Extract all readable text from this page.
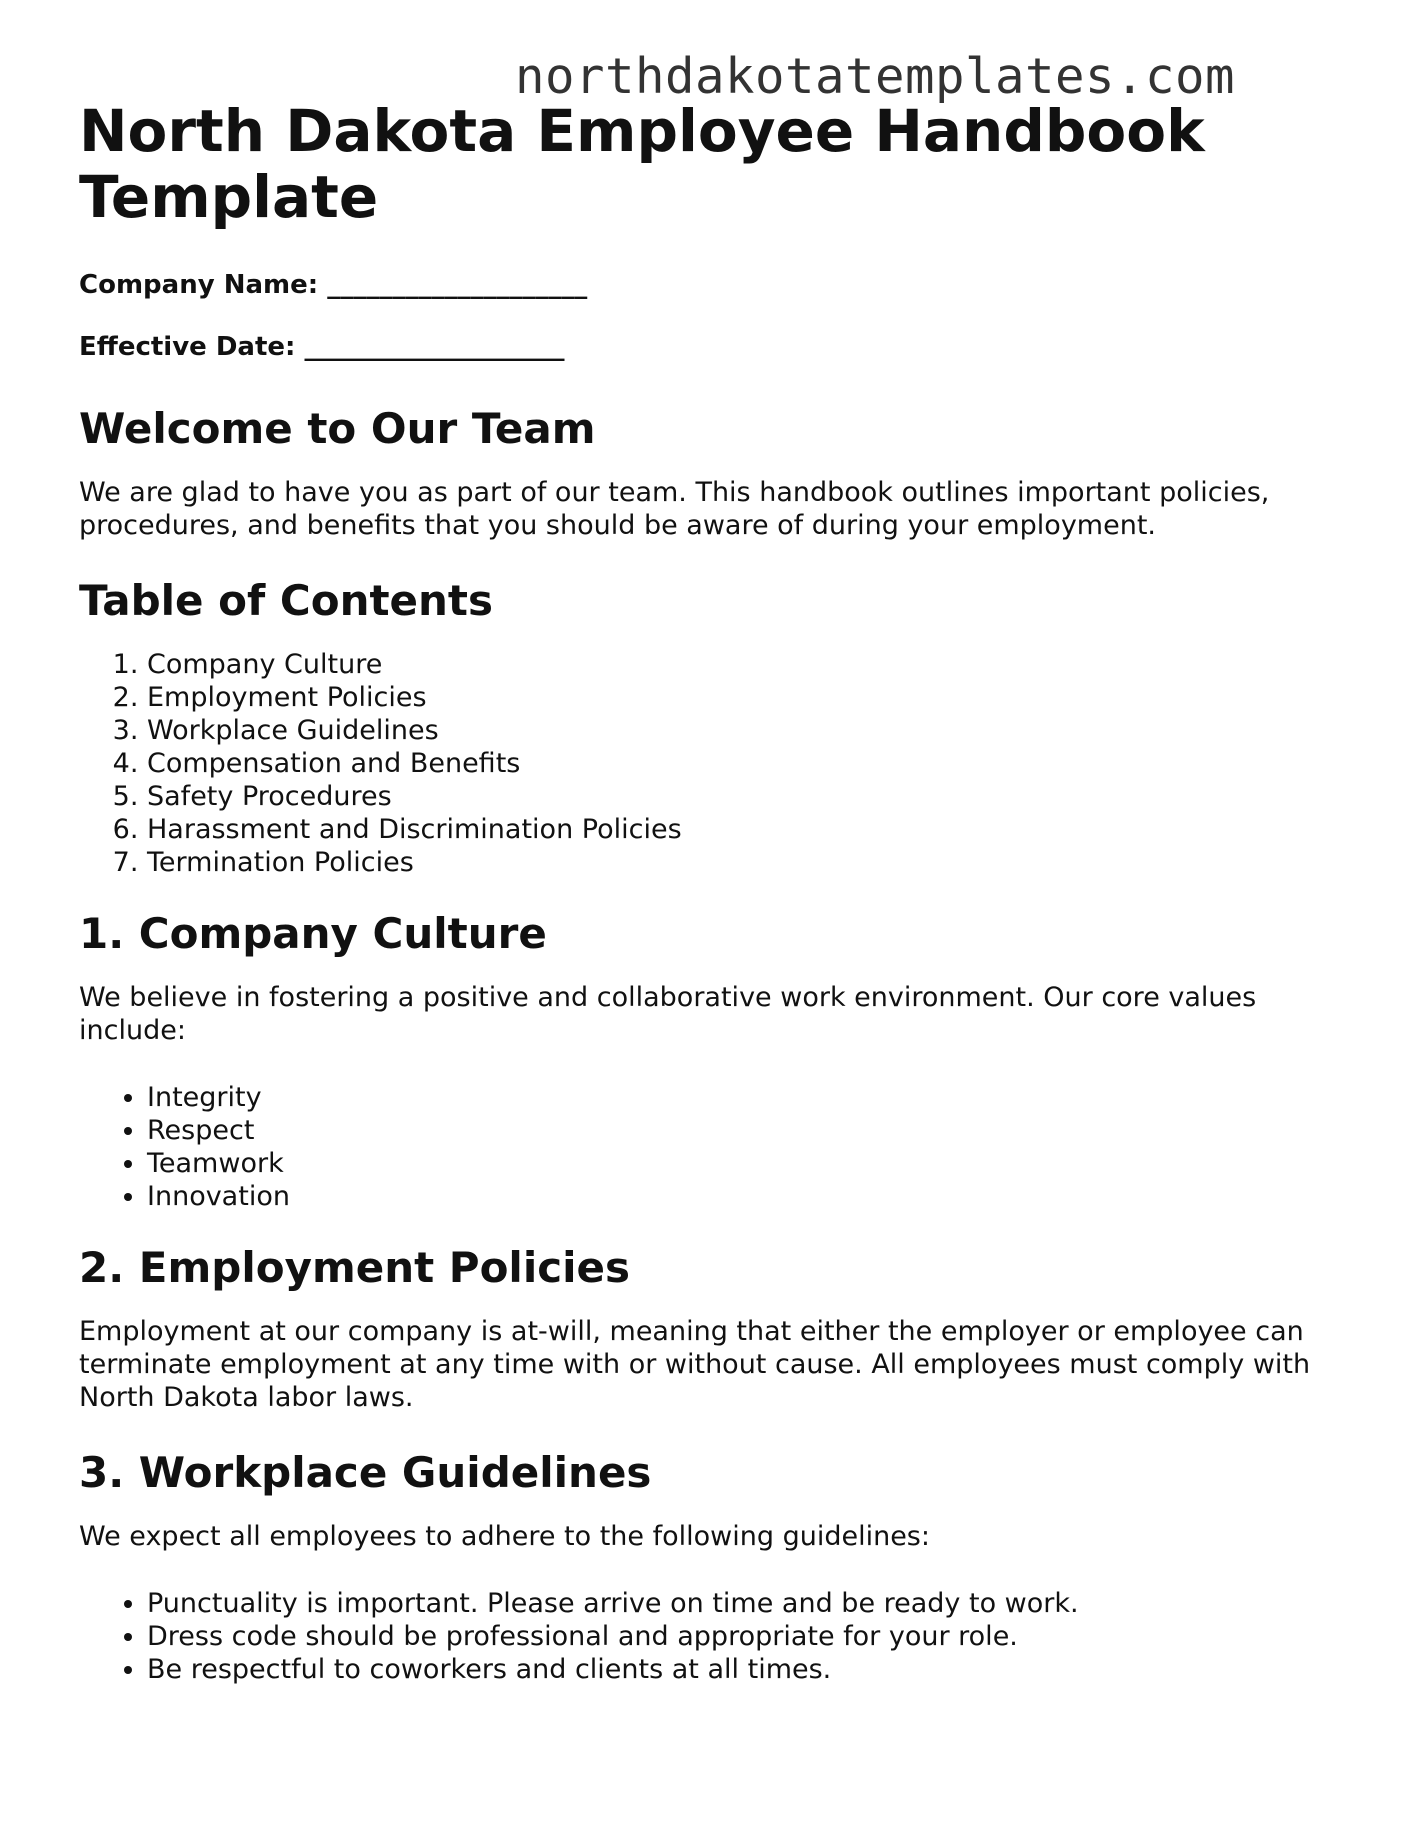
northdakotatemplates.com
North Dakota Employee Handbook Template
Company Name: ____________________
Effective Date: ____________________
Welcome to Our Team

We are glad to have you as part of our team. This handbook outlines important policies, procedures, and benefits that you should be aware of during your employment.

Table of Contents
1. Company Culture
2. Employment Policies
3. Workplace Guidelines
4. Compensation and Benefits
5. Safety Procedures
6. Harassment and Discrimination Policies
7. Termination Policies
1. Company Culture

We believe in fostering a positive and collaborative work environment. Our core values include:

• Integrity
• Respect
• Teamwork
• Innovation
2. Employment Policies

Employment at our company is at-will, meaning that either the employer or employee can terminate employment at any time with or without cause. All employees must comply with North Dakota labor laws.

3. Workplace Guidelines

We expect all employees to adhere to the following guidelines:

• Punctuality is important. Please arrive on time and be ready to work.
• Dress code should be professional and appropriate for your role.
• Be respectful to coworkers and clients at all times.
